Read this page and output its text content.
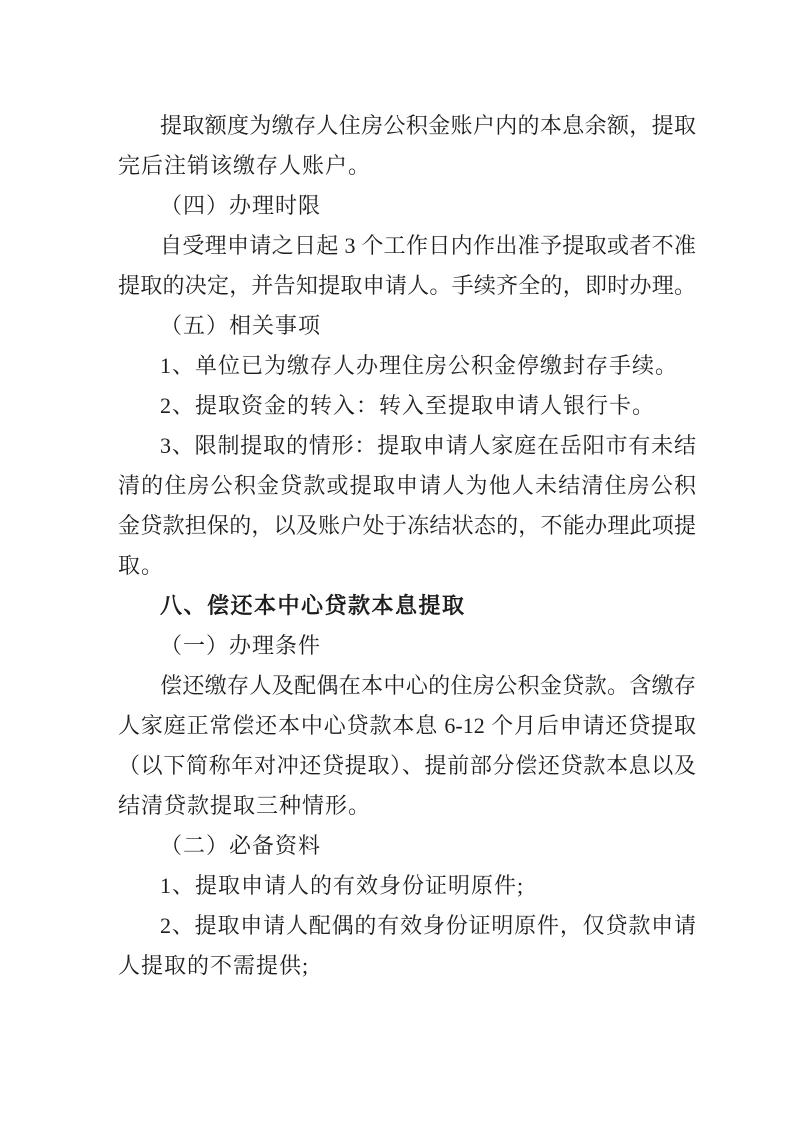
提取额度为缴存人住房公积金账户内的本息余额，提取
完后注销该缴存人账户。
（四）办理时限
自受理申请之日起 3 个工作日内作出准予提取或者不准
提取的决定，并告知提取申请人。手续齐全的，即时办理。
（五）相关事项
1、单位已为缴存人办理住房公积金停缴封存手续。
2、提取资金的转入：转入至提取申请人银行卡。
3、限制提取的情形：提取申请人家庭在岳阳市有未结
清的住房公积金贷款或提取申请人为他人未结清住房公积
金贷款担保的，以及账户处于冻结状态的，不能办理此项提
取。
八、偿还本中心贷款本息提取
（一）办理条件
偿还缴存人及配偶在本中心的住房公积金贷款。含缴存
人家庭正常偿还本中心贷款本息 6-12 个月后申请还贷提取
（以下简称年对冲还贷提取）、提前部分偿还贷款本息以及
结清贷款提取三种情形。
（二）必备资料
1、提取申请人的有效身份证明原件;
2、提取申请人配偶的有效身份证明原件，仅贷款申请
人提取的不需提供;
